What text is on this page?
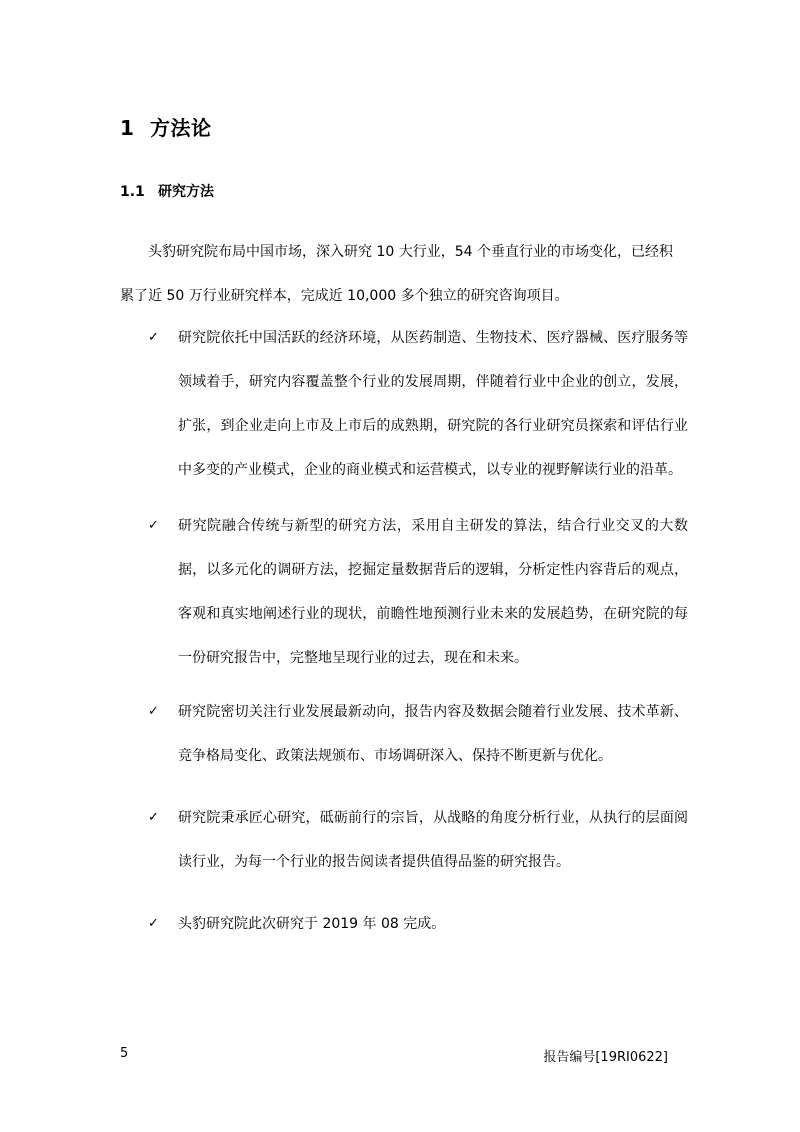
1 方法论
1.1 研究方法

头豹研究院布局中国市场，深入研究 10 大行业，54 个垂直行业的市场变化，已经积累了近 50 万行业研究样本，完成近 10,000 多个独立的研究咨询项目。

✓ 研究院依托中国活跃的经济环境，从医药制造、生物技术、医疗器械、医疗服务等领域着手，研究内容覆盖整个行业的发展周期，伴随着行业中企业的创立，发展，扩张，到企业走向上市及上市后的成熟期，研究院的各行业研究员探索和评估行业中多变的产业模式，企业的商业模式和运营模式，以专业的视野解读行业的沿革。
✓ 研究院融合传统与新型的研究方法，采用自主研发的算法，结合行业交叉的大数据，以多元化的调研方法，挖掘定量数据背后的逻辑，分析定性内容背后的观点，客观和真实地阐述行业的现状，前瞻性地预测行业未来的发展趋势，在研究院的每一份研究报告中，完整地呈现行业的过去，现在和未来。
✓ 研究院密切关注行业发展最新动向，报告内容及数据会随着行业发展、技术革新、竞争格局变化、政策法规颁布、市场调研深入、保持不断更新与优化。
✓ 研究院秉承匠心研究，砥砺前行的宗旨，从战略的角度分析行业，从执行的层面阅读行业，为每一个行业的报告阅读者提供值得品鉴的研究报告。
✓ 头豹研究院此次研究于 2019 年 08 完成。
5	报告编号[19RI0622]
